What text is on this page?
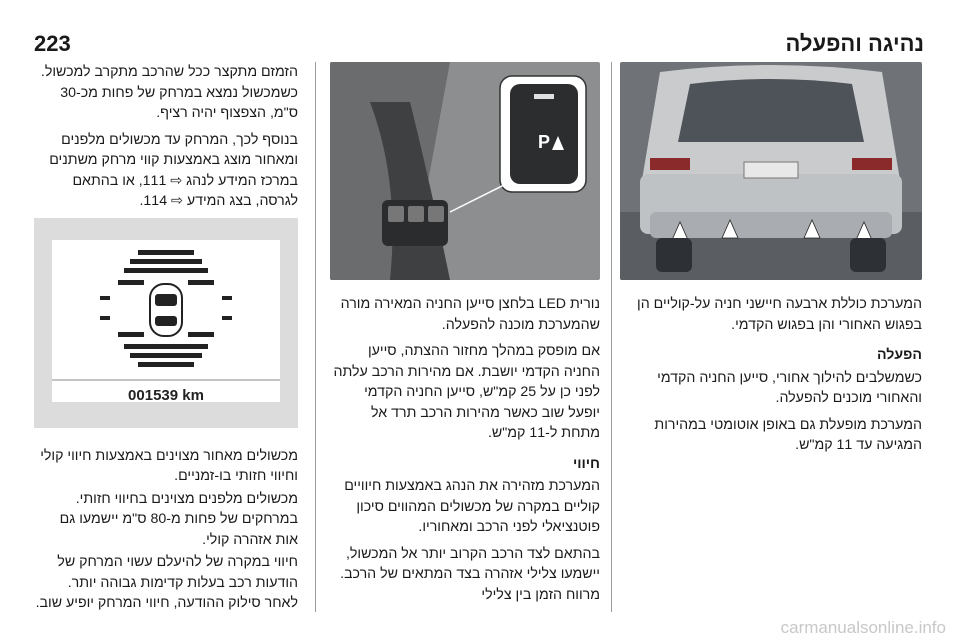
223	נהיגה והפעלה

המערכת כוללת ארבעה חיישני חניה על-קוליים הן בפגוש האחורי והן בפגוש הקדמי.

הפעלה

כשמשלבים להילוך אחורי, סייען החניה הקדמי והאחורי מוכנים להפעלה.

המערכת מופעלת גם באופן אוטומטי במהירות המגיעה עד 11 קמ"ש.

P

נורית LED בלחצן סייען החניה המאירה מורה שהמערכת מוכנה להפעלה.

אם מופסק במהלך מחזור ההצתה, סייען החניה הקדמי יושבת. אם מהירות הרכב עלתה לפני כן על 25 קמ"ש, סייען החניה הקדמי יופעל שוב כאשר מהירות הרכב תרד אל מתחת ל-11 קמ"ש.

חיווי

המערכת מזהירה את הנהג באמצעות חיוויים קוליים במקרה של מכשולים המהווים סיכון פוטנציאלי לפני הרכב ומאחוריו.

בהתאם לצד הרכב הקרוב יותר אל המכשול, יישמעו צלילי אזהרה בצד המתאים של הרכב. מרווח הזמן בין צלילי

הזמזם מתקצר ככל שהרכב מתקרב למכשול. כשמכשול נמצא במרחק של פחות מכ-30 ס"מ, הצפצוף יהיה רציף.

בנוסף לכך, המרחק עד מכשולים מלפנים ומאחור מוצג באמצעות קווי מרחק משתנים במרכז המידע לנהג ⇨ 111, או בהתאם לגרסה, בצג המידע ⇨ 114.

001539 km

מכשולים מאחור מצוינים באמצעות חיווי קולי וחיווי חזותי בו-זמניים.

מכשולים מלפנים מצוינים בחיווי חזותי. במרחקים של פחות מ-80 ס"מ יישמעו גם אות אזהרה קולי.

חיווי במקרה של להיעלם עשוי המרחק של הודעות רכב בעלות קדימות גבוהה יותר. לאחר סילוק ההודעה, חיווי המרחק יופיע שוב.

carmanualsonline.info
